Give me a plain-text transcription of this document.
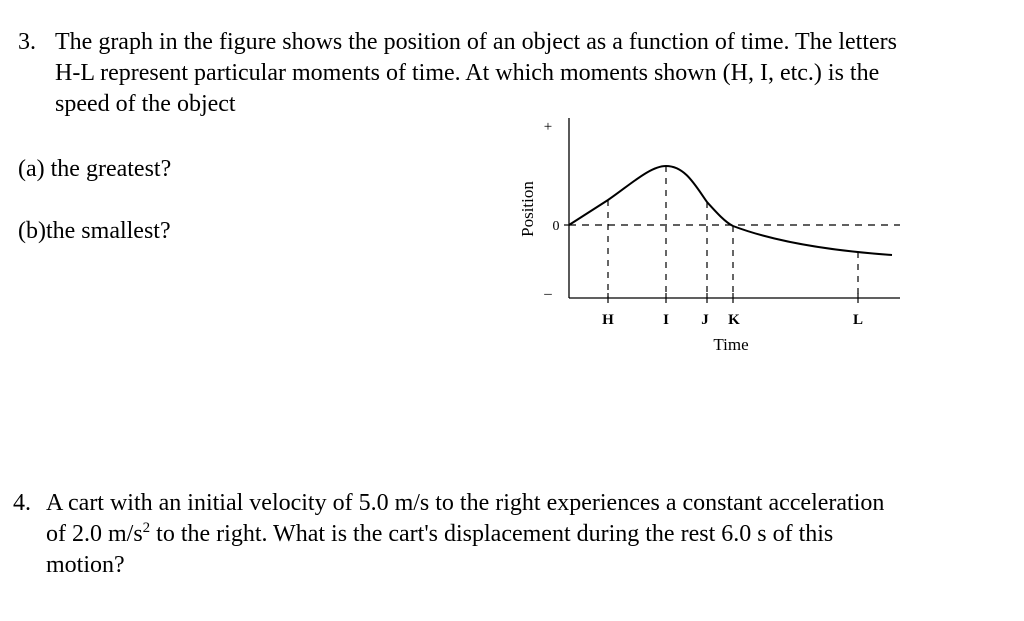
3. The graph in the figure shows the position of an object as a function of time. The letters
H-L represent particular moments of time. At which moments shown (H, I, etc.) is the
speed of the object
(a) the greatest?
(b)the smallest?
+
0
–
Position
H	I J K	L
Time
4. A cart with an initial velocity of 5.0 m/s to the right experiences a constant acceleration
of 2.0 $m/s^2$ to the right. What is the cart's displacement during the rest 6.0 s of this
motion?
